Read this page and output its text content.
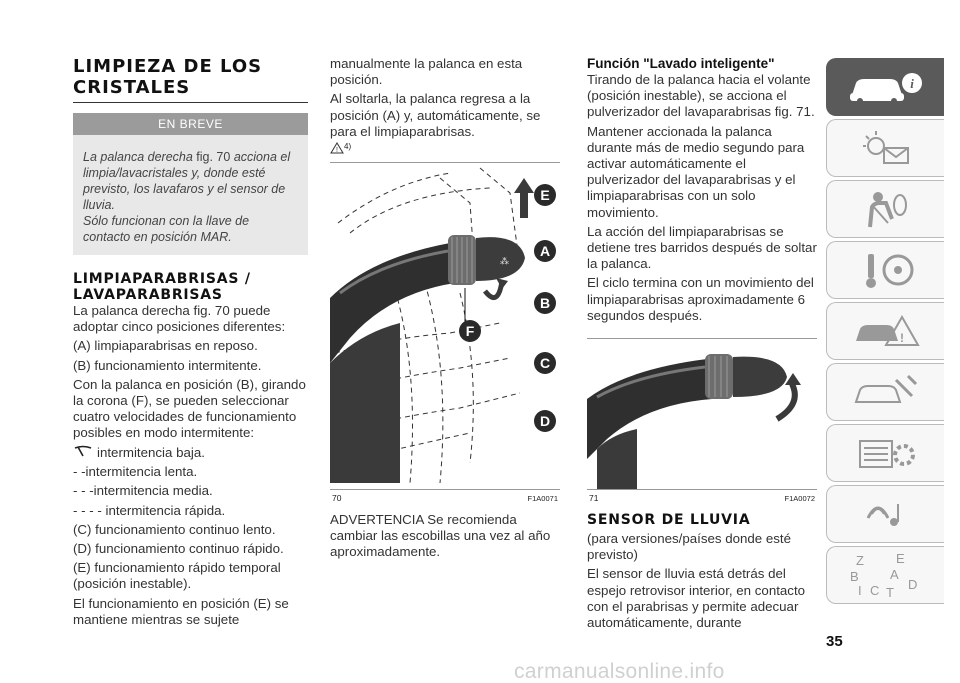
LIMPIEZA DE LOS
CRISTALES
EN BREVE
La palanca derecha fig. 70 acciona el limpia/lavacristales y, donde esté previsto, los lavafaros y el sensor de lluvia.
Sólo funcionan con la llave de contacto en posición MAR.
LIMPIAPARABRISAS /
LAVAPARABRISAS

La palanca derecha fig. 70 puede adoptar cinco posiciones diferentes:

(A) limpiaparabrisas en reposo.

(B) funcionamiento intermitente.

Con la palanca en posición (B), girando la corona (F), se pueden seleccionar cuatro velocidades de funcionamiento posibles en modo intermitente:

intermitencia baja.

- -intermitencia lenta.

- - -intermitencia media.

- - - - intermitencia rápida.

(C) funcionamiento continuo lento.

(D) funcionamiento continuo rápido.

(E) funcionamiento rápido temporal (posición inestable).

El funcionamiento en posición (E) se mantiene mientras se sujete

manualmente la palanca en esta posición.

Al soltarla, la palanca regresa a la posición (A) y, automáticamente, se para el limpiaparabrisas.

! 4)
⁂
E
A
B
C
D
F
70	F1A0071

ADVERTENCIA Se recomienda cambiar las escobillas una vez al año aproximadamente.

Función "Lavado inteligente"

Tirando de la palanca hacia el volante (posición inestable), se acciona el pulverizador del lavaparabrisas fig. 71.

Mantener accionada la palanca durante más de medio segundo para activar automáticamente el pulverizador del lavaparabrisas y el limpiaparabrisas con un solo movimiento.

La acción del limpiaparabrisas se detiene tres barridos después de soltar la palanca.

El ciclo termina con un movimiento del limpiaparabrisas aproximadamente 6 segundos después.

71	F1A0072
SENSOR DE LLUVIA

(para versiones/países donde esté previsto)

El sensor de lluvia está detrás del espejo retrovisor interior, en contacto con el parabrisas y permite adecuar automáticamente, durante

i
!
Z E
B A
D
I C T
35
carmanualsonline.info
